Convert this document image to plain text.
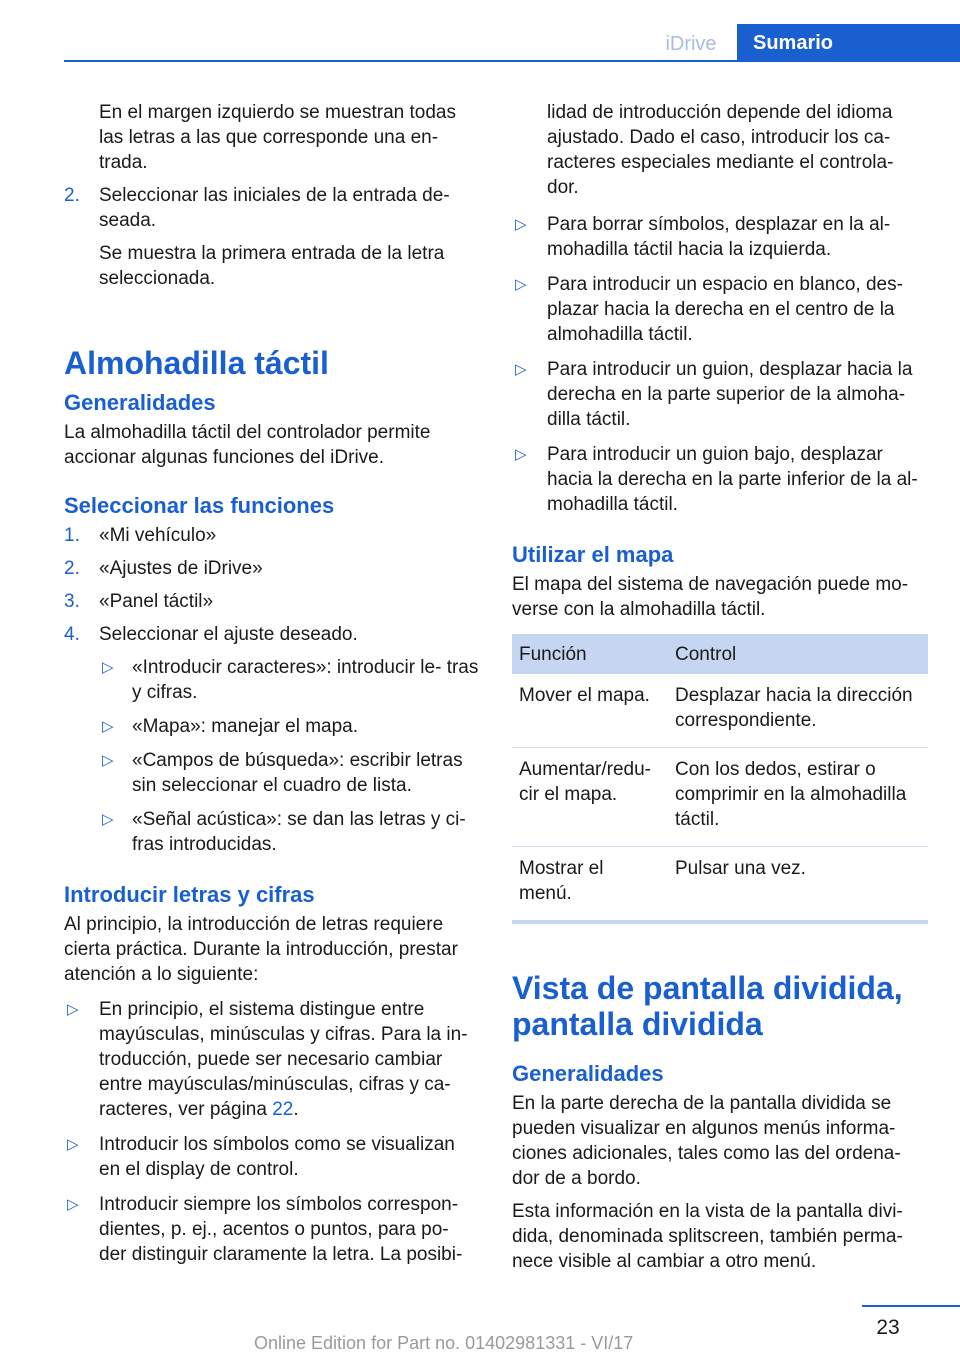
iDrive	Sumario

En el margen izquierdo se muestran todas las letras a las que corresponde una en‐ trada.

2. Seleccionar las iniciales de la entrada de‐ seada.

Se muestra la primera entrada de la letra seleccionada.

Almohadilla táctil
Generalidades

La almohadilla táctil del controlador permite accionar algunas funciones del iDrive.

Seleccionar las funciones
1. «Mi vehículo»
2. «Ajustes de iDrive»
3. «Panel táctil»
4. Seleccionar el ajuste deseado.
▷ «Introducir caracteres»: introducir le‐ tras y cifras.
▷ «Mapa»: manejar el mapa.
▷ «Campos de búsqueda»: escribir letras sin seleccionar el cuadro de lista.
▷ «Señal acústica»: se dan las letras y ci‐ fras introducidas.
Introducir letras y cifras

Al principio, la introducción de letras requiere cierta práctica. Durante la introducción, prestar atención a lo siguiente:

▷ En principio, el sistema distingue entre mayúsculas, minúsculas y cifras. Para la in‐ troducción, puede ser necesario cambiar entre mayúsculas/minúsculas, cifras y ca‐ racteres, ver página 22.
▷ Introducir los símbolos como se visualizan en el display de control.
▷ Introducir siempre los símbolos correspon‐ dientes, p. ej., acentos o puntos, para po‐ der distinguir claramente la letra. La posibi‐

lidad de introducción depende del idioma ajustado. Dado el caso, introducir los ca‐ racteres especiales mediante el controla‐ dor.

▷ Para borrar símbolos, desplazar en la al‐ mohadilla táctil hacia la izquierda.
▷ Para introducir un espacio en blanco, des‐ plazar hacia la derecha en el centro de la almohadilla táctil.
▷ Para introducir un guion, desplazar hacia la derecha en la parte superior de la almoha‐ dilla táctil.
▷ Para introducir un guion bajo, desplazar hacia la derecha en la parte inferior de la al‐ mohadilla táctil.
Utilizar el mapa

El mapa del sistema de navegación puede mo‐ verse con la almohadilla táctil.

Función	Control
Mover el mapa.	Desplazar hacia la dirección correspondiente.
Aumentar/redu‐ cir el mapa.	Con los dedos, estirar o comprimir en la almohadilla táctil.
Mostrar el menú.	Pulsar una vez.
Vista de pantalla dividida, pantalla dividida
Generalidades

En la parte derecha de la pantalla dividida se pueden visualizar en algunos menús informa‐ ciones adicionales, tales como las del ordena‐ dor de a bordo.

Esta información en la vista de la pantalla divi‐ dida, denominada splitscreen, también perma‐ nece visible al cambiar a otro menú.

23
Online Edition for Part no. 01402981331 - VI/17
